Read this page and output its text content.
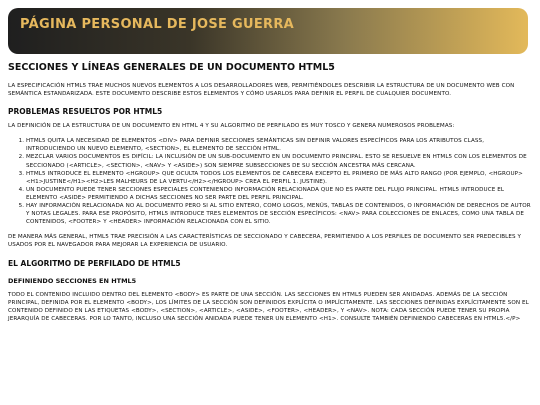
PÁGINA PERSONAL DE JOSE GUERRA
SECCIONES Y LÍNEAS GENERALES DE UN DOCUMENTO HTML5

LA ESPECIFICACIÓN HTML5 TRAE MUCHOS NUEVOS ELEMENTOS A LOS DESARROLLADORES WEB, PERMITIÉNDOLES DESCRIBIR LA ESTRUCTURA DE UN DOCUMENTO WEB CON SEMÁNTICA ESTANDARIZADA. ESTE DOCUMENTO DESCRIBE ESTOS ELEMENTOS Y CÓMO USARLOS PARA DEFINIR EL PERFIL DE CUALQUIER DOCUMENTO.

PROBLEMAS RESUELTOS POR HTML5

LA DEFINICIÓN DE LA ESTRUCTURA DE UN DOCUMENTO EN HTML 4 Y SU ALGORITMO DE PERFILADO ES MUY TOSCO Y GENERA NUMEROSOS PROBLEMAS:

1. HTML5 QUITA LA NECESIDAD DE ELEMENTOS <DIV> PARA DEFINIR SECCIONES SEMÁNTICAS SIN DEFINIR VALORES ESPECÍFICOS PARA LOS ATRIBUTOS CLASS, INTRODUCIENDO UN NUEVO ELEMENTO, <SECTION>, EL ELEMENTO DE SECCIÓN HTML.
2. MEZCLAR VARIOS DOCUMENTOS ES DIFÍCIL: LA INCLUSIÓN DE UN SUB-DOCUMENTO EN UN DOCUMENTO PRINCIPAL. ESTO SE RESUELVE EN HTML5 CON LOS ELEMENTOS DE SECCIONADO (<ARTICLE>, <SECTION>, <NAV> Y <ASIDE>) SON SIEMPRE SUBSECCIONES DE SU SECCIÓN ANCESTRA MÁS CERCANA.
3. HTML5 INTRODUCE EL ELEMENTO <HGROUP> QUE OCULTA TODOS LOS ELEMENTOS DE CABECERA EXCEPTO EL PRIMERO DE MÁS ALTO RANGO (POR EJEMPLO, <HGROUP><H1>JUSTINE</H1><H2>LES MALHEURS DE LA VERTU</H2></HGROUP> CREA EL PERFIL 1. JUSTINE).
4. UN DOCUMENTO PUEDE TENER SECCIONES ESPECIALES CONTENIENDO INFORMACIÓN RELACIONADA QUE NO ES PARTE DEL FLUJO PRINCIPAL. HTML5 INTRODUCE EL ELEMENTO <ASIDE> PERMITIENDO A DICHAS SECCIONES NO SER PARTE DEL PERFIL PRINCIPAL.
5. HAY INFORMACIÓN RELACIONADA NO AL DOCUMENTO PERO SI AL SITIO ENTERO, COMO LOGOS, MENÚS, TABLAS DE CONTENIDOS, O INFORMACIÓN DE DERECHOS DE AUTOR Y NOTAS LEGALES. PARA ESE PROPÓSITO, HTML5 INTRODUCE TRES ELEMENTOS DE SECCIÓN ESPECÍFICOS: <NAV> PARA COLECCIONES DE ENLACES, COMO UNA TABLA DE CONTENIDOS, <FOOTER> Y <HEADER> INFORMACIÓN RELACIONADA CON EL SITIO.

DE MANERA MÁS GENERAL, HTML5 TRAE PRECISIÓN A LAS CARACTERÍSTICAS DE SECCIONADO Y CABECERA, PERMITIENDO A LOS PERFILES DE DOCUMENTO SER PREDECIBLES Y USADOS POR EL NAVEGADOR PARA MEJORAR LA EXPERIENCIA DE USUARIO.

EL ALGORITMO DE PERFILADO DE HTML5
DEFINIENDO SECCIONES EN HTML5

TODO EL CONTENIDO INCLUIDO DENTRO DEL ELEMENTO <BODY> ES PARTE DE UNA SECCIÓN. LAS SECCIONES EN HTML5 PUEDEN SER ANIDADAS. ADEMÁS DE LA SECCIÓN PRINCIPAL, DEFINIDA POR EL ELEMENTO <BODY>, LOS LÍMITES DE LA SECCIÓN SON DEFINIDOS EXPLÍCITA O IMPLÍCITAMENTE. LAS SECCIONES DEFINIDAS EXPLÍCITAMENTE SON EL CONTENIDO DEFINIDO EN LAS ETIQUETAS <BODY>, <SECTION>, <ARTICLE>, <ASIDE>, <FOOTER>, <HEADER>, Y <NAV>. NOTA: CADA SECCIÓN PUEDE TENER SU PROPIA JERARQUÍA DE CABECERAS. POR LO TANTO, INCLUSO UNA SECCIÓN ANIDADA PUEDE TENER UN ELEMENTO <H1>. CONSULTE TAMBIÉN DEFINIENDO CABECERAS EN HTML5.</P>
